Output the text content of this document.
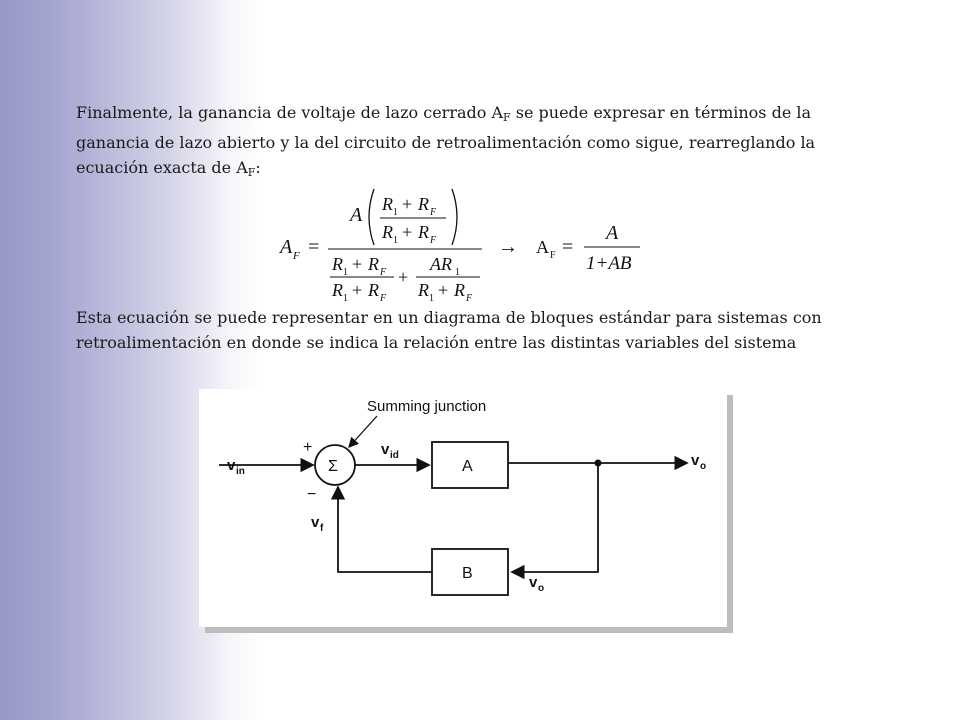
Finalmente, la ganancia de voltaje de lazo cerrado $A_F$ se puede expresar en términos de la ganancia de lazo abierto y la del circuito de retroalimentación como sigue, rearreglando la ecuación exacta de $A_F$:

A F =
A R 1 + R F
R 1 + R F
R 1 + R F
R 1 + R F
+
AR 1
R 1 + R F
→ A F =
A
1+AB

Esta ecuación se puede representar en un diagrama de bloques estándar para sistemas con retroalimentación en donde se indica la relación entre las distintas variables del sistema

Summing junction
Σ
+
−
v in
v id
A	v o
v o
B
v f
